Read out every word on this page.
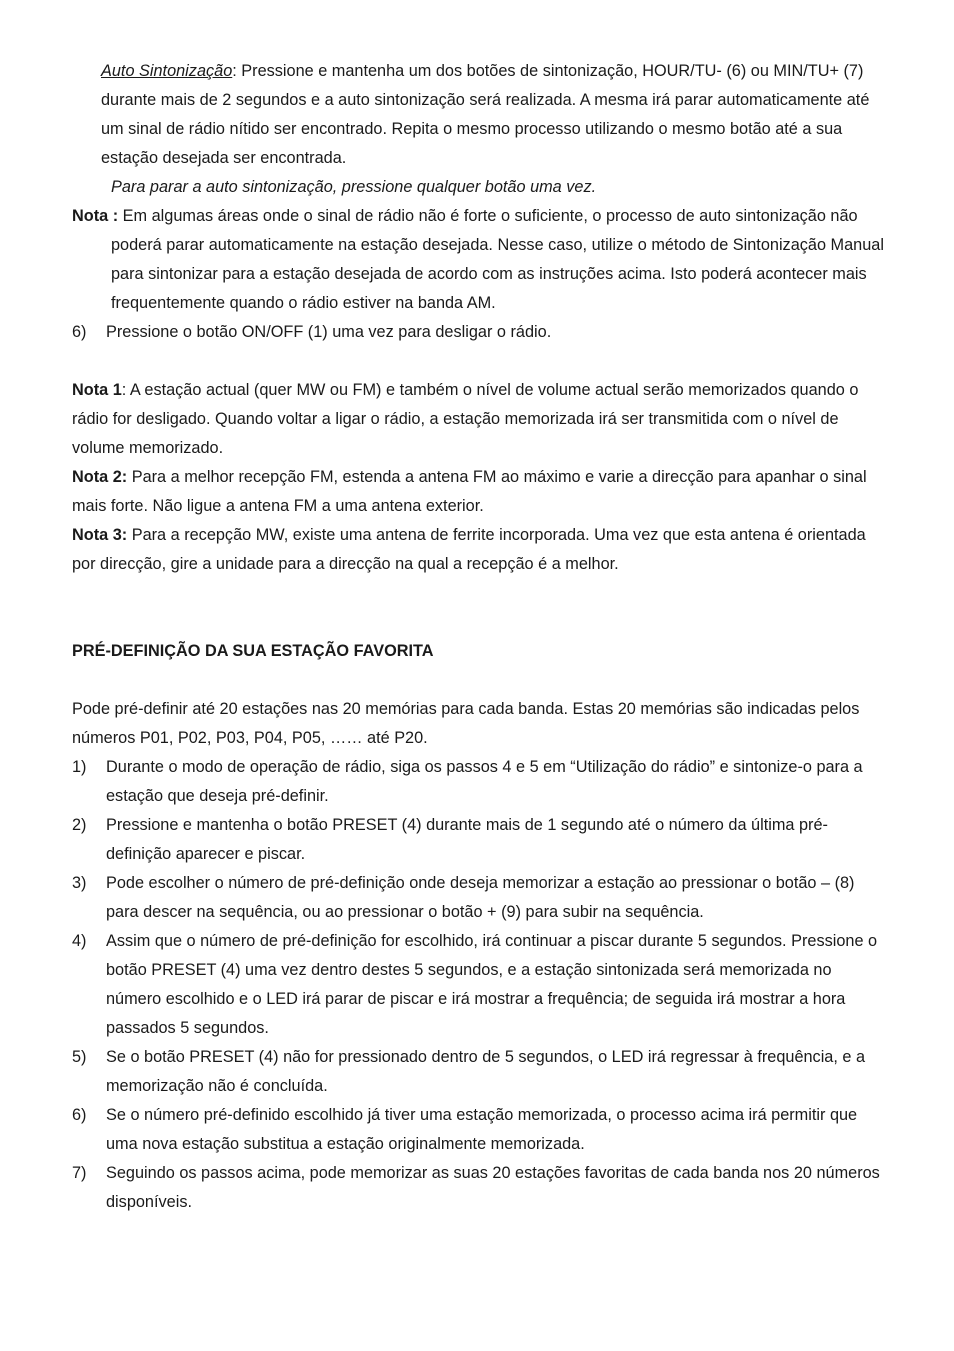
Auto Sintonização: Pressione e mantenha um dos botões de sintonização, HOUR/TU- (6) ou MIN/TU+ (7) durante mais de 2 segundos e a auto sintonização será realizada. A mesma irá parar automaticamente até um sinal de rádio nítido ser encontrado. Repita o mesmo processo utilizando o mesmo botão até a sua estação desejada ser encontrada.

Para parar a auto sintonização, pressione qualquer botão uma vez.

Nota : Em algumas áreas onde o sinal de rádio não é forte o suficiente, o processo de auto sintonização não poderá parar automaticamente na estação desejada. Nesse caso, utilize o método de Sintonização Manual para sintonizar para a estação desejada de acordo com as instruções acima. Isto poderá acontecer mais frequentemente quando o rádio estiver na banda AM.

6) Pressione o botão ON/OFF (1) uma vez para desligar o rádio.

Nota 1: A estação actual (quer MW ou FM) e também o nível de volume actual serão memorizados quando o rádio for desligado. Quando voltar a ligar o rádio, a estação memorizada irá ser transmitida com o nível de volume memorizado.

Nota 2: Para a melhor recepção FM, estenda a antena FM ao máximo e varie a direcção para apanhar o sinal mais forte. Não ligue a antena FM a uma antena exterior.

Nota 3: Para a recepção MW, existe uma antena de ferrite incorporada. Uma vez que esta antena é orientada por direcção, gire a unidade para a direcção na qual a recepção é a melhor.

PRÉ-DEFINIÇÃO DA SUA ESTAÇÃO FAVORITA

Pode pré-definir até 20 estações nas 20 memórias para cada banda. Estas 20 memórias são indicadas pelos números P01, P02, P03, P04, P05, …… até P20.

1) Durante o modo de operação de rádio, siga os passos 4 e 5 em “Utilização do rádio” e sintonize-o para a estação que deseja pré-definir.
2) Pressione e mantenha o botão PRESET (4) durante mais de 1 segundo até o número da última pré-definição aparecer e piscar.
3) Pode escolher o número de pré-definição onde deseja memorizar a estação ao pressionar o botão – (8) para descer na sequência, ou ao pressionar o botão + (9) para subir na sequência.
4) Assim que o número de pré-definição for escolhido, irá continuar a piscar durante 5 segundos. Pressione o botão PRESET (4) uma vez dentro destes 5 segundos, e a estação sintonizada será memorizada no número escolhido e o LED irá parar de piscar e irá mostrar a frequência; de seguida irá mostrar a hora passados 5 segundos.
5) Se o botão PRESET (4) não for pressionado dentro de 5 segundos, o LED irá regressar à frequência, e a memorização não é concluída.
6) Se o número pré-definido escolhido já tiver uma estação memorizada, o processo acima irá permitir que uma nova estação substitua a estação originalmente memorizada.
7) Seguindo os passos acima, pode memorizar as suas 20 estações favoritas de cada banda nos 20 números disponíveis.
